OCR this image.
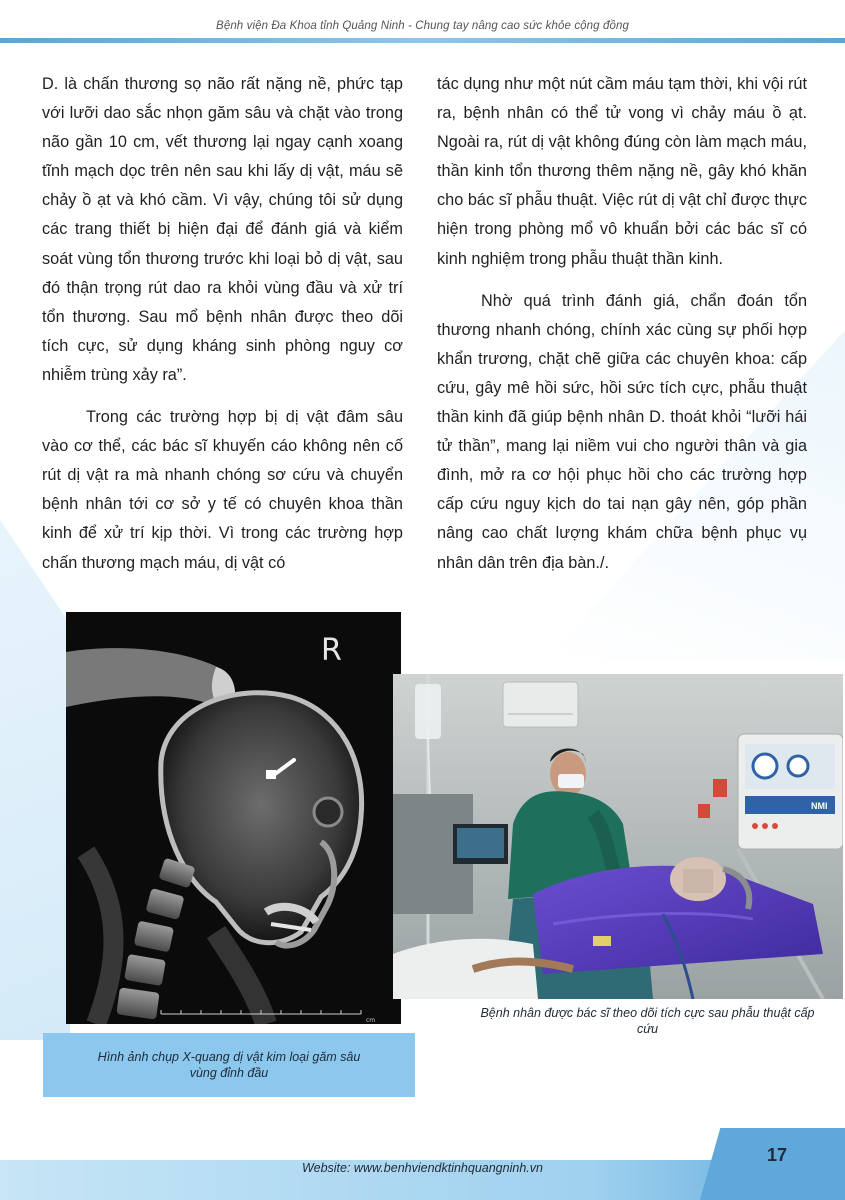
Bệnh viện Đa Khoa tỉnh Quảng Ninh - Chung tay nâng cao sức khỏe cộng đồng

D. là chấn thương sọ não rất nặng nề, phức tạp với lưỡi dao sắc nhọn găm sâu và chặt vào trong não gần 10 cm, vết thương lại ngay cạnh xoang tĩnh mạch dọc trên nên sau khi lấy dị vật, máu sẽ chảy ồ ạt và khó cầm. Vì vậy, chúng tôi sử dụng các trang thiết bị hiện đại để đánh giá và kiểm soát vùng tổn thương trước khi loại bỏ dị vật, sau đó thận trọng rút dao ra khỏi vùng đầu và xử trí tổn thương. Sau mổ bệnh nhân được theo dõi tích cực, sử dụng kháng sinh phòng nguy cơ nhiễm trùng xảy ra”.

Trong các trường hợp bị dị vật đâm sâu vào cơ thể, các bác sĩ khuyến cáo không nên cố rút dị vật ra mà nhanh chóng sơ cứu và chuyển bệnh nhân tới cơ sở y tế có chuyên khoa thần kinh để xử trí kịp thời. Vì trong các trường hợp chấn thương mạch máu, dị vật có

tác dụng như một nút cầm máu tạm thời, khi vội rút ra, bệnh nhân có thể tử vong vì chảy máu ồ ạt. Ngoài ra, rút dị vật không đúng còn làm mạch máu, thần kinh tổn thương thêm nặng nề, gây khó khăn cho bác sĩ phẫu thuật. Việc rút dị vật chỉ được thực hiện trong phòng mổ vô khuẩn bởi các bác sĩ có kinh nghiệm trong phẫu thuật thần kinh.

Nhờ quá trình đánh giá, chẩn đoán tổn thương nhanh chóng, chính xác cùng sự phối hợp khẩn trương, chặt chẽ giữa các chuyên khoa: cấp cứu, gây mê hồi sức, hồi sức tích cực, phẫu thuật thần kinh đã giúp bệnh nhân D. thoát khỏi “lưỡi hái tử thần”, mang lại niềm vui cho người thân và gia đình, mở ra cơ hội phục hồi cho các trường hợp cấp cứu nguy kịch do tai nạn gây nên, góp phần nâng cao chất lượng khám chữa bệnh phục vụ nhân dân trên địa bàn./.

cm
R
Hình ảnh chụp X-quang dị vật kim loại găm sâu vùng đỉnh đầu
NMI
Bệnh nhân được bác sĩ theo dõi tích cực sau phẫu thuật cấp cứu
Website: www.benhviendktinhquangninh.vn
17
